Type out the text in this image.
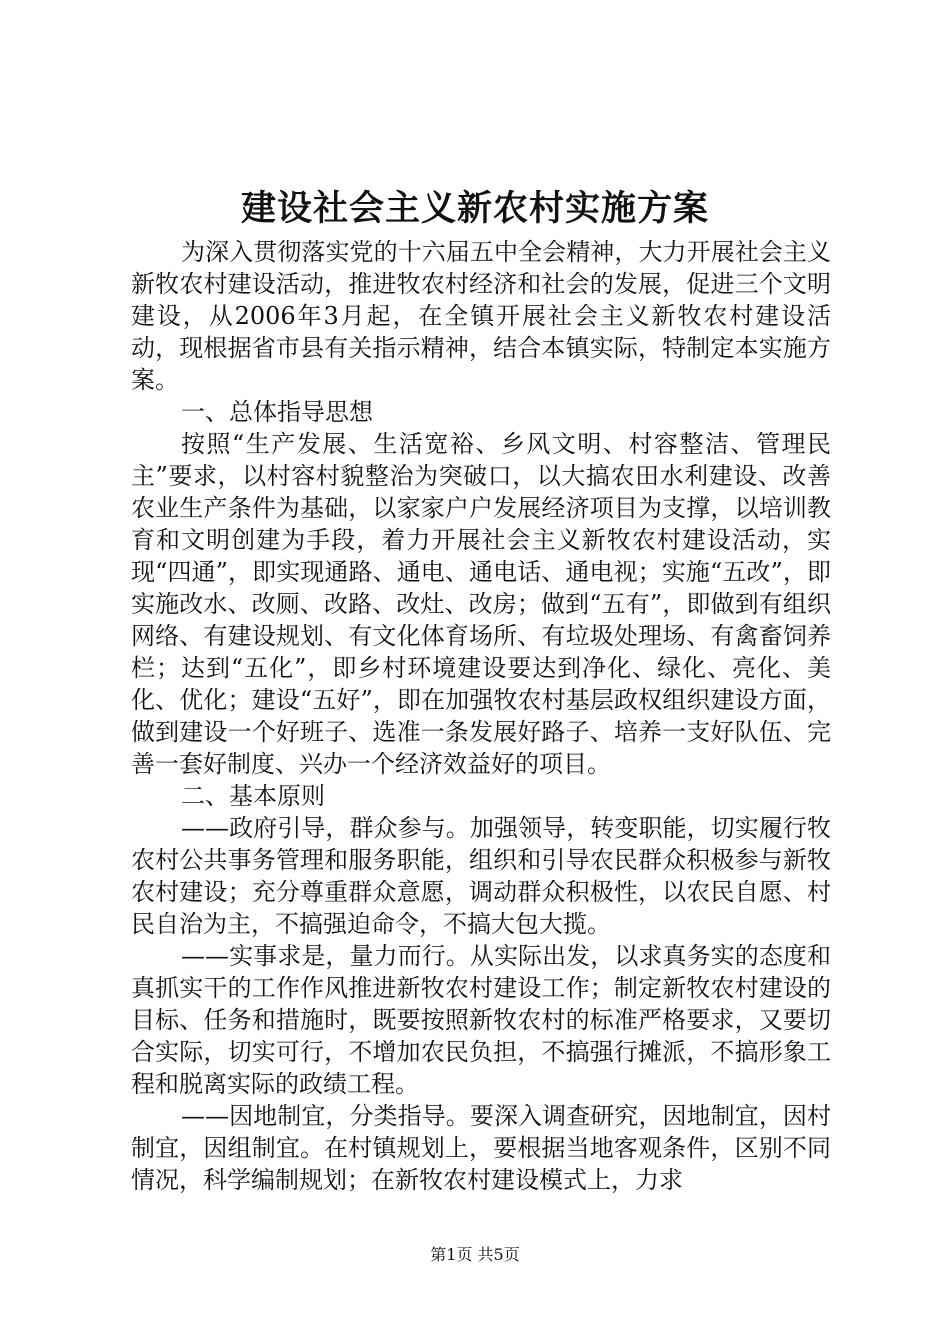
建设社会主义新农村实施方案

为深入贯彻落实党的十六届五中全会精神，大力开展社会主义新牧农村建设活动，推进牧农村经济和社会的发展，促进三个文明建设，从2006年3月起，在全镇开展社会主义新牧农村建设活动，现根据省市县有关指示精神，结合本镇实际，特制定本实施方案。

一、总体指导思想

按照“生产发展、生活宽裕、乡风文明、村容整洁、管理民主”要求，以村容村貌整治为突破口，以大搞农田水利建设、改善农业生产条件为基础，以家家户户发展经济项目为支撑，以培训教育和文明创建为手段，着力开展社会主义新牧农村建设活动，实现“四通”，即实现通路、通电、通电话、通电视；实施“五改”，即实施改水、改厕、改路、改灶、改房；做到“五有”，即做到有组织网络、有建设规划、有文化体育场所、有垃圾处理场、有禽畜饲养栏；达到“五化”，即乡村环境建设要达到净化、绿化、亮化、美化、优化；建设“五好”，即在加强牧农村基层政权组织建设方面，做到建设一个好班子、选准一条发展好路子、培养一支好队伍、完善一套好制度、兴办一个经济效益好的项目。

二、基本原则

——政府引导，群众参与。加强领导，转变职能，切实履行牧农村公共事务管理和服务职能，组织和引导农民群众积极参与新牧农村建设；充分尊重群众意愿，调动群众积极性，以农民自愿、村民自治为主，不搞强迫命令，不搞大包大揽。

——实事求是，量力而行。从实际出发，以求真务实的态度和真抓实干的工作作风推进新牧农村建设工作；制定新牧农村建设的目标、任务和措施时，既要按照新牧农村的标准严格要求，又要切合实际，切实可行，不增加农民负担，不搞强行摊派，不搞形象工程和脱离实际的政绩工程。

——因地制宜，分类指导。要深入调查研究，因地制宜，因村制宜，因组制宜。在村镇规划上，要根据当地客观条件，区别不同情况，科学编制规划；在新牧农村建设模式上，力求

第1页 共5页
